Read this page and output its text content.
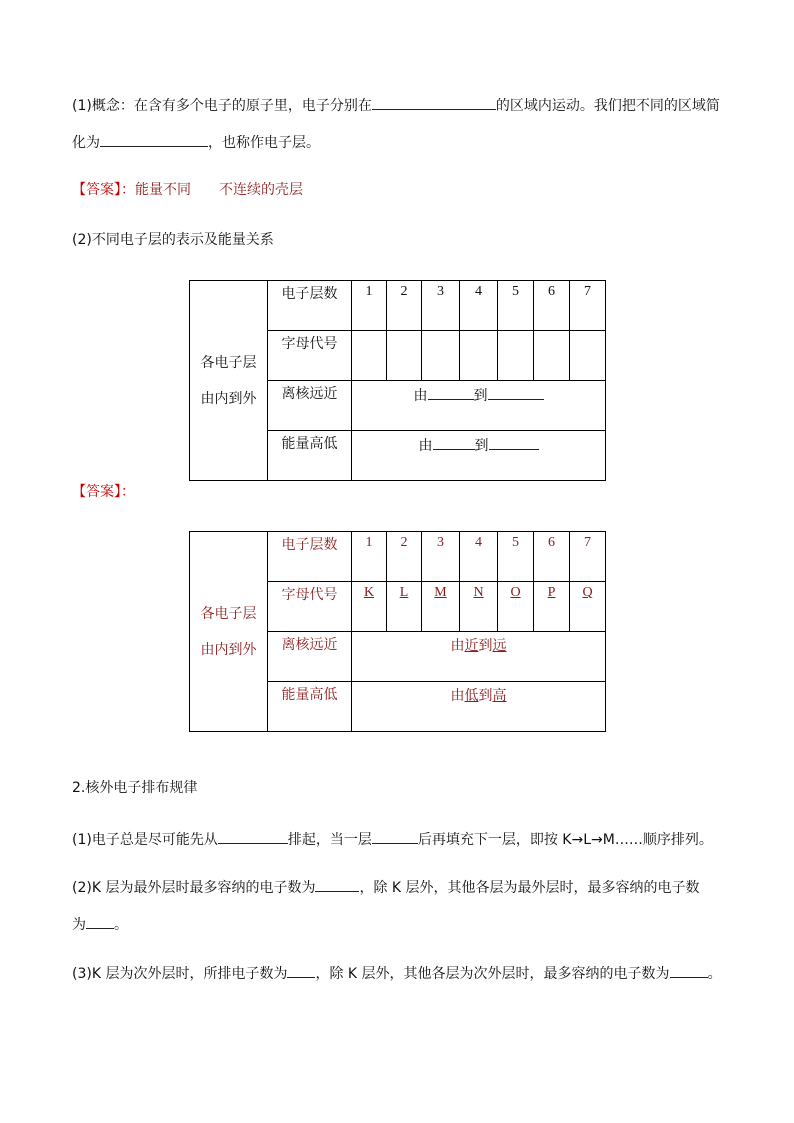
(1)概念：在含有多个电子的原子里，电子分别在	的区域内运动。我们把不同的区域简
化为	，也称作电子层。
【答案】：能量不同 不连续的壳层
(2)不同电子层的表示及能量关系
各电子层
由内到外	电子层数	1	2	3	4	5	6	7
	字母代号							
	离核远近	由 到						
	能量高低	由 到						
【答案】：
各电子层
由内到外	电子层数	1	2	3	4	5	6	7
	字母代号	K	L	M	N	O	P	Q
	离核远近	由近到远						
	能量高低	由低到高						
2.核外电子排布规律
(1)电子总是尽可能先从	排起，当一层	后再填充下一层，即按 K→L→M……顺序排列。
(2)K 层为最外层时最多容纳的电子数为	，除 K 层外，其他各层为最外层时，最多容纳的电子数
为 。
(3)K 层为次外层时，所排电子数为 ，除 K 层外，其他各层为次外层时，最多容纳的电子数为	。
